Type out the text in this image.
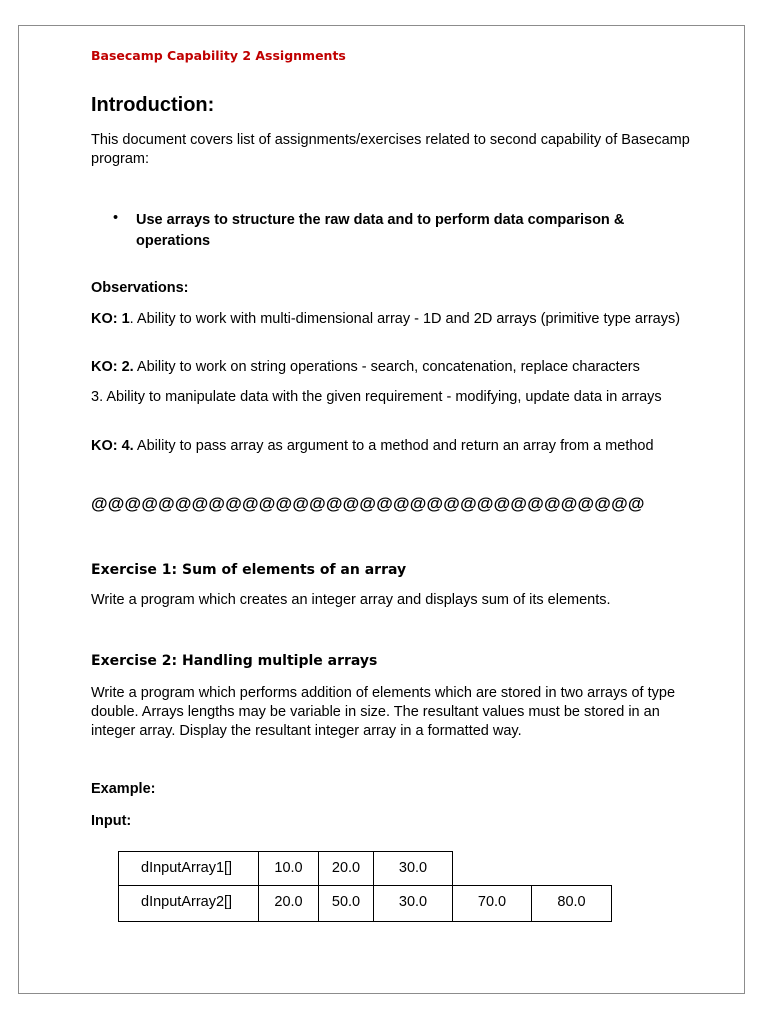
Basecamp Capability 2 Assignments
Introduction:

This document covers list of assignments/exercises related to second capability of Basecamp program:

• Use arrays to structure the raw data and to perform data comparison & operations
Observations:

KO: 1. Ability to work with multi-dimensional array - 1D and 2D arrays (primitive type arrays)

KO: 2. Ability to work on string operations - search, concatenation, replace characters

3. Ability to manipulate data with the given requirement - modifying, update data in arrays

KO: 4. Ability to pass array as argument to a method and return an array from a method

@@@@@@@@@@@@@@@@@@@@@@@@@@@@@@@@@
Exercise 1: Sum of elements of an array

Write a program which creates an integer array and displays sum of its elements.

Exercise 2: Handling multiple arrays

Write a program which performs addition of elements which are stored in two arrays of type double. Arrays lengths may be variable in size. The resultant values must be stored in an integer array. Display the resultant integer array in a formatted way.

Example:
Input:
dInputArray1[]	10.0	20.0	30.0
dInputArray2[]	20.0	50.0	30.0	70.0	80.0
